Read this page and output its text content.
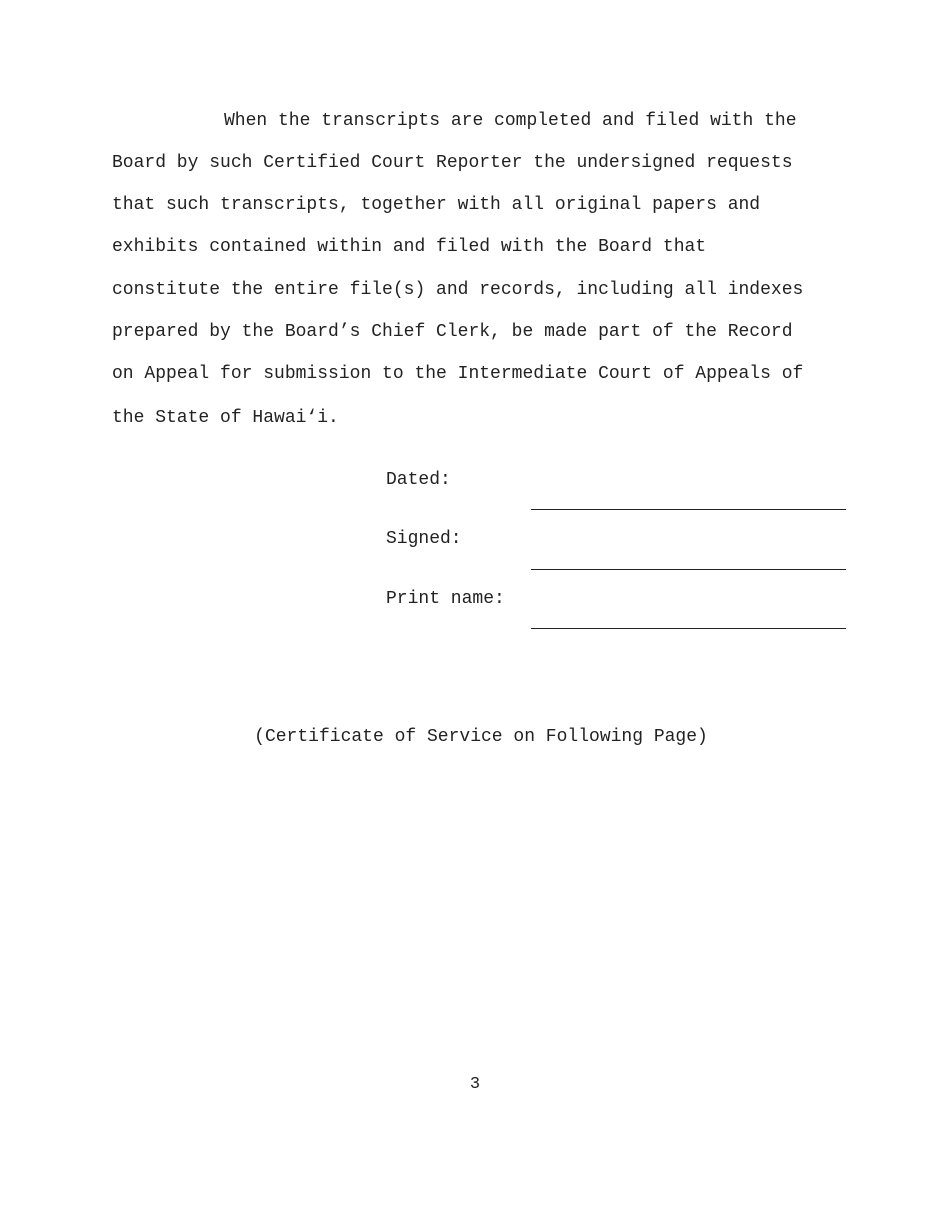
When the transcripts are completed and filed with the
Board by such Certified Court Reporter the undersigned requests
that such transcripts, together with all original papers and
exhibits contained within and filed with the Board that
constitute the entire file(s) and records, including all indexes
prepared by the Board’s Chief Clerk, be made part of the Record
on Appeal for submission to the Intermediate Court of Appeals of
the State of Hawai‘i.
Dated:
Signed:
Print name:
(Certificate of Service on Following Page)
3
